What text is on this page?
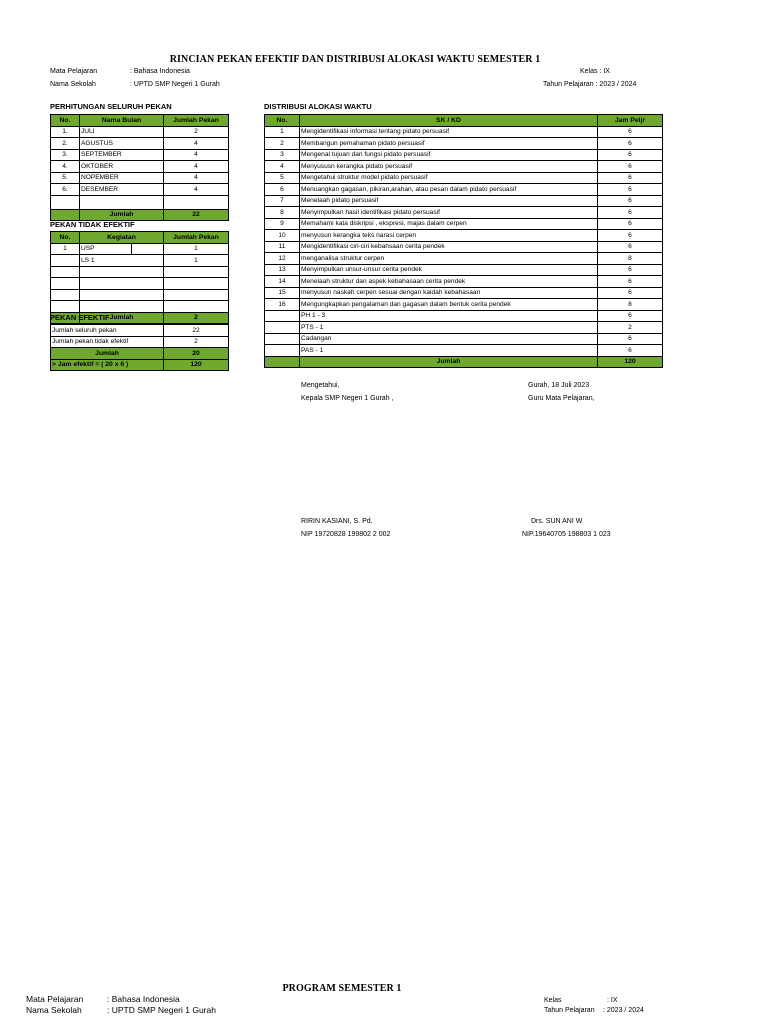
RINCIAN PEKAN EFEKTIF DAN DISTRIBUSI ALOKASI WAKTU SEMESTER 1
Mata Pelajaran	: Bahasa Indonesia
Nama Sekolah	: UPTD SMP Negeri 1 Gurah
Kelas : IX
Tahun Pelajaran : 2023 / 2024
PERHITUNGAN SELURUH PEKAN	DISTRIBUSI ALOKASI WAKTU
No.	Nama Bulan	Jumlah Pekan
1.	JULI	2
2.	AGUSTUS	4
3.	SEPTEMBER	4
4.	OKTOBER	4
5.	NOPEMBER	4
6.	DESEMBER	4

	Jumlah	22
PEKAN TIDAK EFEKTIF
No.	Kegiatan		Jumlah Pekan
1	USP		1
	LS 1		1

	Jumlah		2
PEKAN EFEKTIF
Jumlah seluruh pekan	22
Jumlah pekan tidak efektif	2
Jumlah	20
> Jam efektif = ( 20 x 6 )	120
No.	SK / KD	Jam Peljr
1	Mengidentifikasi informasi tentang pidato persuasif	6
2	Membangun pemahaman pidato persuasif	6
3	Mengenal tujuan dan fungsi pidato persuasif	6
4	Menyususn kerangka pidato persuasif	6
5	Mengetahui struktur model pidato persuasif	6
6	Menuangkan gagasan, pikiran,arahan, atau pesan dalam pidato persuasif	6
7	Menelaah pidato persuasif	6
8	Menyimpulkan hasil identifikasi pidato persuasif	6
9	Memahami kata diskripsi , ekspresi, majas dalam cerpen	6
10	menyusun kerangka teks narasi cerpen	6
11	Mengidentifikasi ciri-ciri kebahsaan cerita pendek	6
12	menganalisa struktur cerpen	8
13	Menyimpulkan unsur-unsur cerita pendek	6
14	Menelaah struktur dan aspek kebahasaan cerita pendek	6
15	menyusun naskah cerpen sesuai dengan kaidah kebahasaan	6
16	Mengungkapkan pengalaman dan gagasan dalam bentuk cerita pendek	8
	PH 1 - 3	6
	PTS - 1	2
	Cadangan	6
	PAS - 1	6
	Jumlah	120
Mengetahui,
Kepala SMP Negeri 1 Gurah ,
Gurah, 18 Juli 2023
Guru Mata Pelajaran,
RIRIN KASIANI, S. Pd.
NIP 19720828 199802 2 002
Drs. SUN ANI W
NIP.19640705 198803 1 023
PROGRAM SEMESTER 1
Mata Pelajaran	: Bahasa Indonesia
Nama Sekolah	: UPTD SMP Negeri 1 Gurah
Kelas	: IX
Tahun Pelajaran : 2023 / 2024
